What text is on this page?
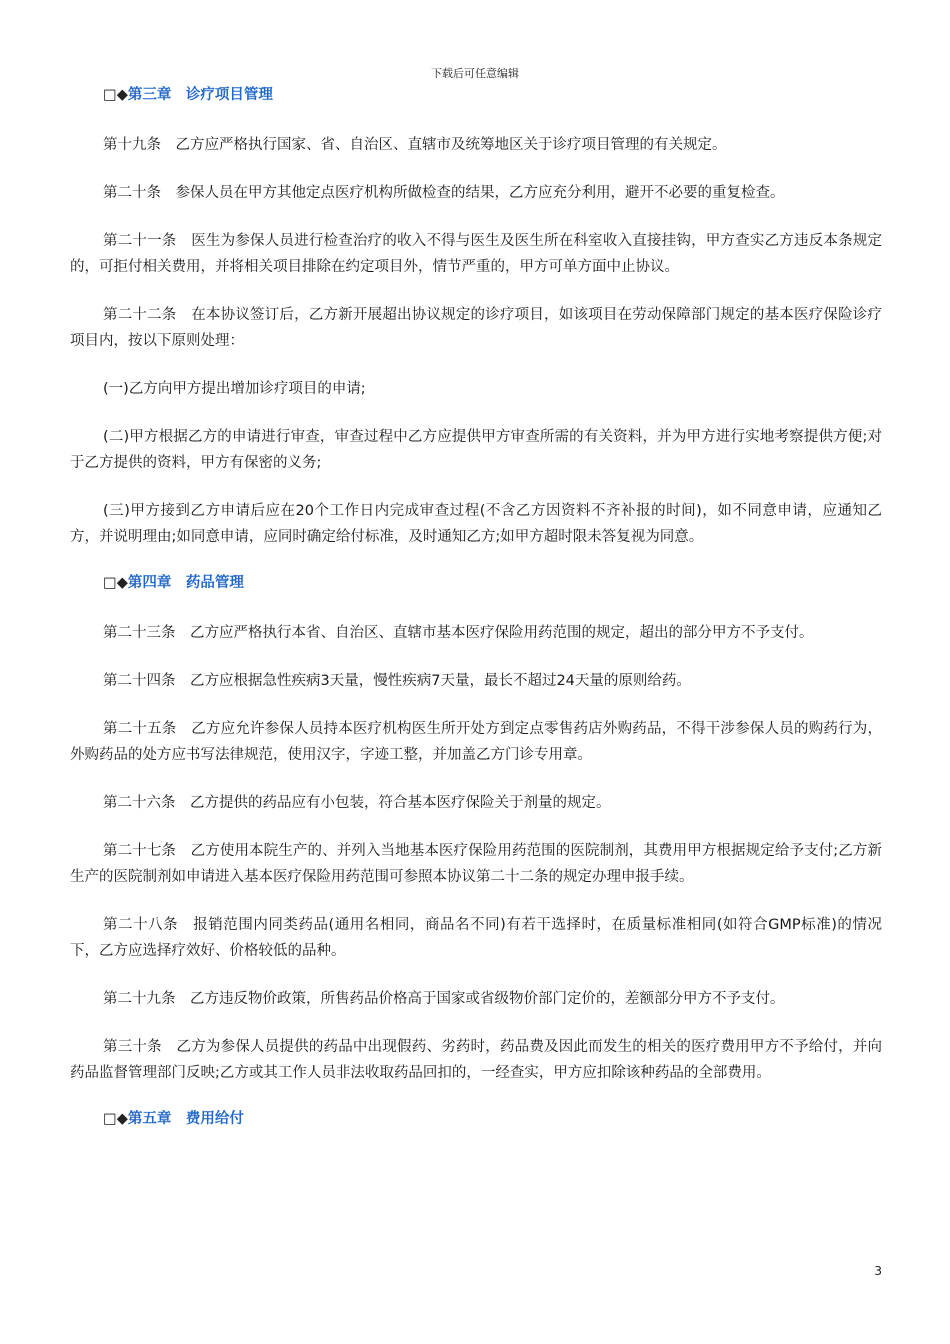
下载后可任意编辑
□◆第三章　诊疗项目管理

第十九条　乙方应严格执行国家、省、自治区、直辖市及统筹地区关于诊疗项目管理的有关规定。

第二十条　参保人员在甲方其他定点医疗机构所做检查的结果，乙方应充分利用，避开不必要的重复检查。

第二十一条　医生为参保人员进行检查治疗的收入不得与医生及医生所在科室收入直接挂钩，甲方查实乙方违反本条规定的，可拒付相关费用，并将相关项目排除在约定项目外，情节严重的，甲方可单方面中止协议。

第二十二条　在本协议签订后，乙方新开展超出协议规定的诊疗项目，如该项目在劳动保障部门规定的基本医疗保险诊疗项目内，按以下原则处理：

(一)乙方向甲方提出增加诊疗项目的申请;

(二)甲方根据乙方的申请进行审查，审查过程中乙方应提供甲方审查所需的有关资料，并为甲方进行实地考察提供方便;对于乙方提供的资料，甲方有保密的义务;

(三)甲方接到乙方申请后应在20个工作日内完成审查过程(不含乙方因资料不齐补报的时间)，如不同意申请，应通知乙方，并说明理由;如同意申请，应同时确定给付标准，及时通知乙方;如甲方超时限未答复视为同意。

□◆第四章　药品管理

第二十三条　乙方应严格执行本省、自治区、直辖市基本医疗保险用药范围的规定，超出的部分甲方不予支付。

第二十四条　乙方应根据急性疾病3天量，慢性疾病7天量，最长不超过24天量的原则给药。

第二十五条　乙方应允许参保人员持本医疗机构医生所开处方到定点零售药店外购药品，不得干涉参保人员的购药行为，外购药品的处方应书写法律规范，使用汉字，字迹工整，并加盖乙方门诊专用章。

第二十六条　乙方提供的药品应有小包装，符合基本医疗保险关于剂量的规定。

第二十七条　乙方使用本院生产的、并列入当地基本医疗保险用药范围的医院制剂，其费用甲方根据规定给予支付;乙方新生产的医院制剂如申请进入基本医疗保险用药范围可参照本协议第二十二条的规定办理申报手续。

第二十八条　报销范围内同类药品(通用名相同，商品名不同)有若干选择时，在质量标准相同(如符合GMP标准)的情况下，乙方应选择疗效好、价格较低的品种。

第二十九条　乙方违反物价政策，所售药品价格高于国家或省级物价部门定价的，差额部分甲方不予支付。

第三十条　乙方为参保人员提供的药品中出现假药、劣药时，药品费及因此而发生的相关的医疗费用甲方不予给付，并向药品监督管理部门反映;乙方或其工作人员非法收取药品回扣的，一经查实，甲方应扣除该种药品的全部费用。

□◆第五章　费用给付
3
